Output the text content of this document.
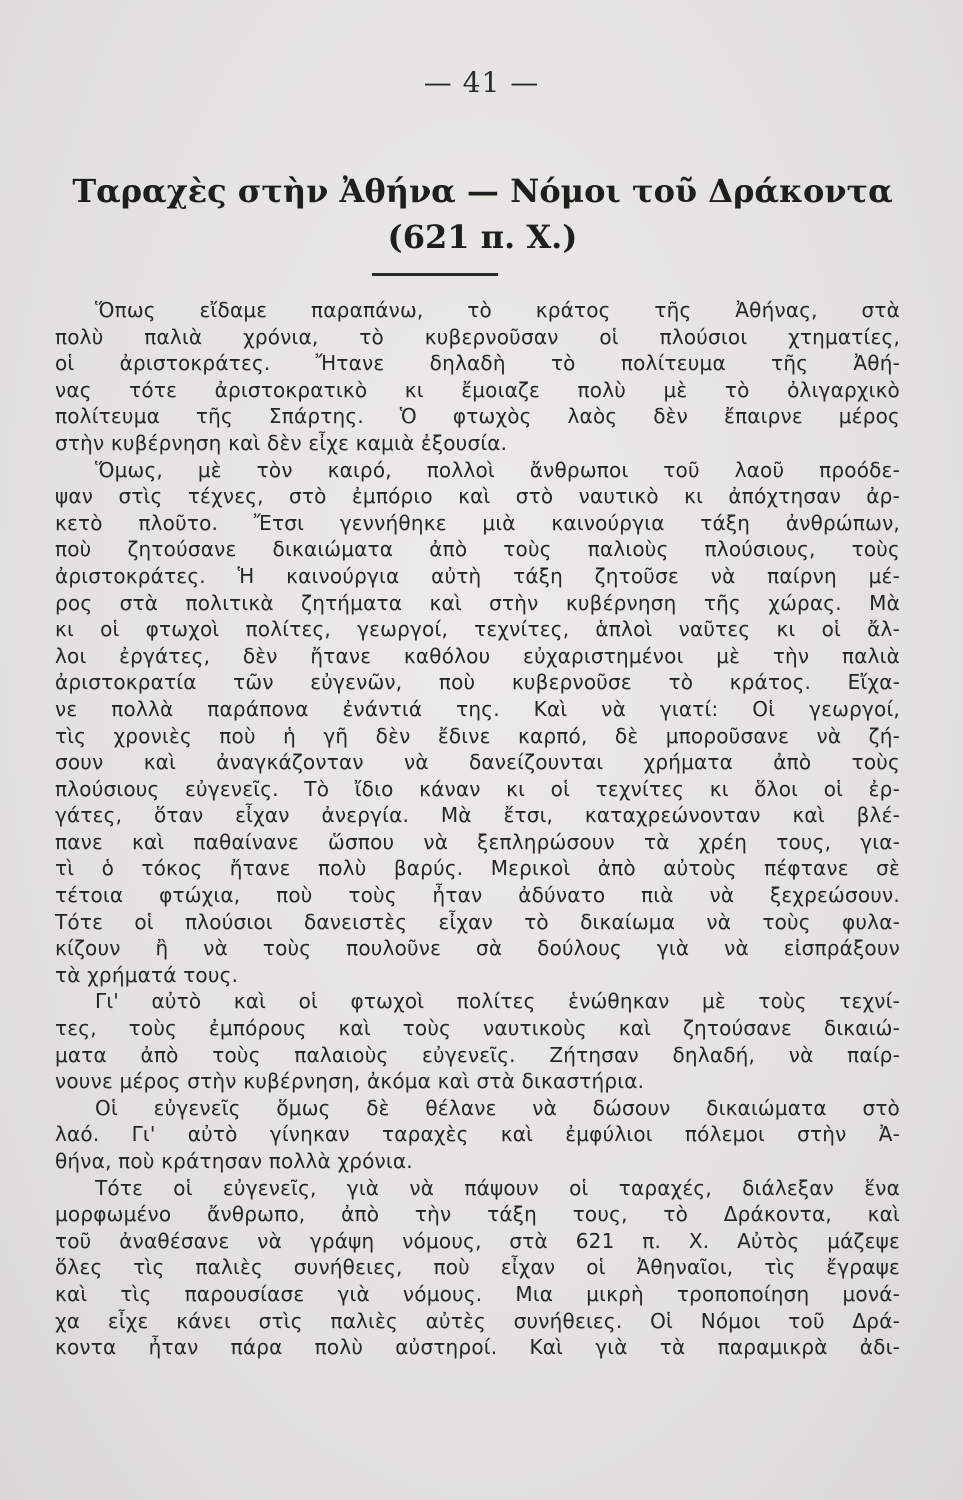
— 41 —
Ταραχὲς στὴν Ἀθήνα — Νόμοι τοῦ Δράκοντα
(621 π. Χ.)
Ὅπως εἴδαμε παραπάνω, τὸ κράτος τῆς Ἀθήνας, στὰ
πολὺ παλιὰ χρόνια, τὸ κυβερνοῦσαν οἱ πλούσιοι χτηματίες,
οἱ ἀριστοκράτες. Ἤτανε δηλαδὴ τὸ πολίτευμα τῆς Ἀθή-
νας τότε ἀριστοκρατικὸ κι ἔμοιαζε πολὺ μὲ τὸ ὀλιγαρχικὸ
πολίτευμα τῆς Σπάρτης. Ὁ φτωχὸς λαὸς δὲν ἔπαιρνε μέρος
στὴν κυβέρνηση καὶ δὲν εἶχε καμιὰ ἐξουσία.
Ὅμως, μὲ τὸν καιρό, πολλοὶ ἄνθρωποι τοῦ λαοῦ προόδε-
ψαν στὶς τέχνες, στὸ ἐμπόριο καὶ στὸ ναυτικὸ κι ἀπόχτησαν ἀρ-
κετὸ πλοῦτο. Ἔτσι γεννήθηκε μιὰ καινούργια τάξη ἀνθρώπων,
ποὺ ζητούσανε δικαιώματα ἀπὸ τοὺς παλιοὺς πλούσιους, τοὺς
ἀριστοκράτες. Ἡ καινούργια αὐτὴ τάξη ζητοῦσε νὰ παίρνη μέ-
ρος στὰ πολιτικὰ ζητήματα καὶ στὴν κυβέρνηση τῆς χώρας. Μὰ
κι οἱ φτωχοὶ πολίτες, γεωργοί, τεχνίτες, ἁπλοὶ ναῦτες κι οἱ ἄλ-
λοι ἐργάτες, δὲν ἤτανε καθόλου εὐχαριστημένοι μὲ τὴν παλιὰ
ἀριστοκρατία τῶν εὐγενῶν, ποὺ κυβερνοῦσε τὸ κράτος. Εἴχα-
νε πολλὰ παράπονα ἐνάντιά της. Καὶ νὰ γιατί: Οἱ γεωργοί,
τὶς χρονιὲς ποὺ ἡ γῆ δὲν ἔδινε καρπό, δὲ μποροῦσανε νὰ ζή-
σουν καὶ ἀναγκάζονταν νὰ δανείζουνται χρήματα ἀπὸ τοὺς
πλούσιους εὐγενεῖς. Τὸ ἴδιο κάναν κι οἱ τεχνίτες κι ὅλοι οἱ ἐρ-
γάτες, ὅταν εἶχαν ἀνεργία. Μὰ ἔτσι, καταχρεώνονταν καὶ βλέ-
πανε καὶ παθαίνανε ὥσπου νὰ ξεπληρώσουν τὰ χρέη τους, για-
τὶ ὁ τόκος ἤτανε πολὺ βαρύς. Μερικοὶ ἀπὸ αὐτοὺς πέφτανε σὲ
τέτοια φτώχια, ποὺ τοὺς ἦταν ἀδύνατο πιὰ νὰ ξεχρεώσουν.
Τότε οἱ πλούσιοι δανειστὲς εἶχαν τὸ δικαίωμα νὰ τοὺς φυλα-
κίζουν ἢ νὰ τοὺς πουλοῦνε σὰ δούλους γιὰ νὰ εἰσπράξουν
τὰ χρήματά τους.
Γι' αὐτὸ καὶ οἱ φτωχοὶ πολίτες ἑνώθηκαν μὲ τοὺς τεχνί-
τες, τοὺς ἐμπόρους καὶ τοὺς ναυτικοὺς καὶ ζητούσανε δικαιώ-
ματα ἀπὸ τοὺς παλαιοὺς εὐγενεῖς. Ζήτησαν δηλαδή, νὰ παίρ-
νουνε μέρος στὴν κυβέρνηση, ἀκόμα καὶ στὰ δικαστήρια.
Οἱ εὐγενεῖς ὅμως δὲ θέλανε νὰ δώσουν δικαιώματα στὸ
λαό. Γι' αὐτὸ γίνηκαν ταραχὲς καὶ ἐμφύλιοι πόλεμοι στὴν Ἀ-
θήνα, ποὺ κράτησαν πολλὰ χρόνια.
Τότε οἱ εὐγενεῖς, γιὰ νὰ πάψουν οἱ ταραχές, διάλεξαν ἕνα
μορφωμένο ἄνθρωπο, ἀπὸ τὴν τάξη τους, τὸ Δράκοντα, καὶ
τοῦ ἀναθέσανε νὰ γράψη νόμους, στὰ 621 π. Χ. Αὐτὸς μάζεψε
ὅλες τὶς παλιὲς συνήθειες, ποὺ εἶχαν οἱ Ἀθηναῖοι, τὶς ἔγραψε
καὶ τὶς παρουσίασε γιὰ νόμους. Μια μικρὴ τροποποίηση μονά-
χα εἶχε κάνει στὶς παλιὲς αὐτὲς συνήθειες. Οἱ Νόμοι τοῦ Δρά-
κοντα ἦταν πάρα πολὺ αὐστηροί. Καὶ γιὰ τὰ παραμικρὰ ἀδι-
